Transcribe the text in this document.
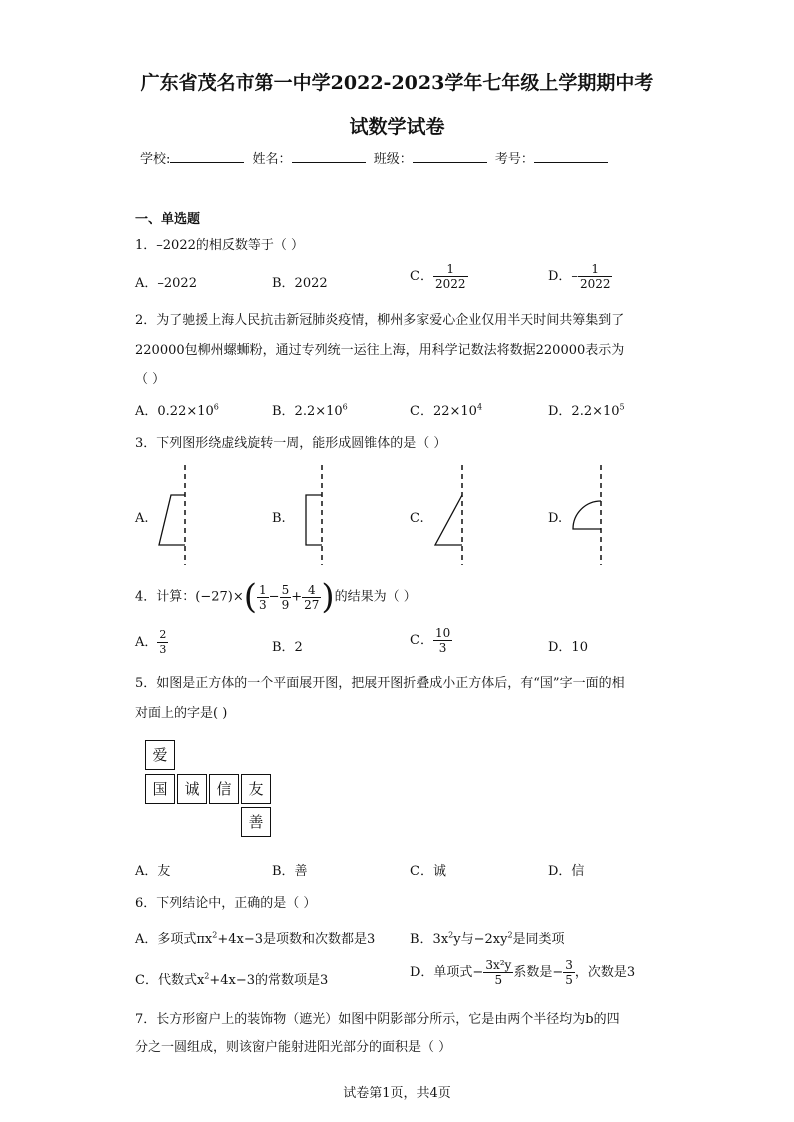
广东省茂名市第一中学2022-2023学年七年级上学期期中考
试数学试卷
学校:	姓名：	班级：	考号：
一、单选题
1．–2022的相反数等于（ ）
A．–2022	B．2022	C． $\frac{1}{2022}$	D．– $\frac{1}{2022}$
2．为了驰援上海人民抗击新冠肺炎疫情，柳州多家爱心企业仅用半天时间共筹集到了
220000包柳州螺蛳粉，通过专列统一运往上海，用科学记数法将数据220000表示为
（ ）
A．$0.22\times 10^6$	B．$2.2\times 10^6$	C．$22\times 10^4$	D．$2.2\times 10^5$
3．下列图形绕虚线旋转一周，能形成圆锥体的是（ ）
A.	B.	C.	D.
4．计算：$(-27)\times( \frac{1}{3} - \frac{5}{9} + \frac{4}{27}$ )的结果为（ ）
A． $\frac{2}{3}$	B．2	C． $\frac{10}{3}$	D．10
5．如图是正方体的一个平面展开图，把展开图折叠成小正方体后，有“国”字一面的相
对面上的字是( )
爱
国	诚	信	友
善
A．友	B．善	C．诚	D．信
6．下列结论中，正确的是（ ）
A．多项式$\pi x^2+4x-3$是项数和次数都是3	B．$3x^2y$与$-2xy^2$是同类项
C．代数式$x^2+4x-3$的常数项是3
D．单项式− $\frac{\text{3x²y}}{5}$ 系数是− $\frac{3}{5}$ ，次数是3
7．长方形窗户上的装饰物（遮光）如图中阴影部分所示，它是由两个半径均为b的四
分之一圆组成，则该窗户能射进阳光部分的面积是（ ）
试卷第1页，共4页
